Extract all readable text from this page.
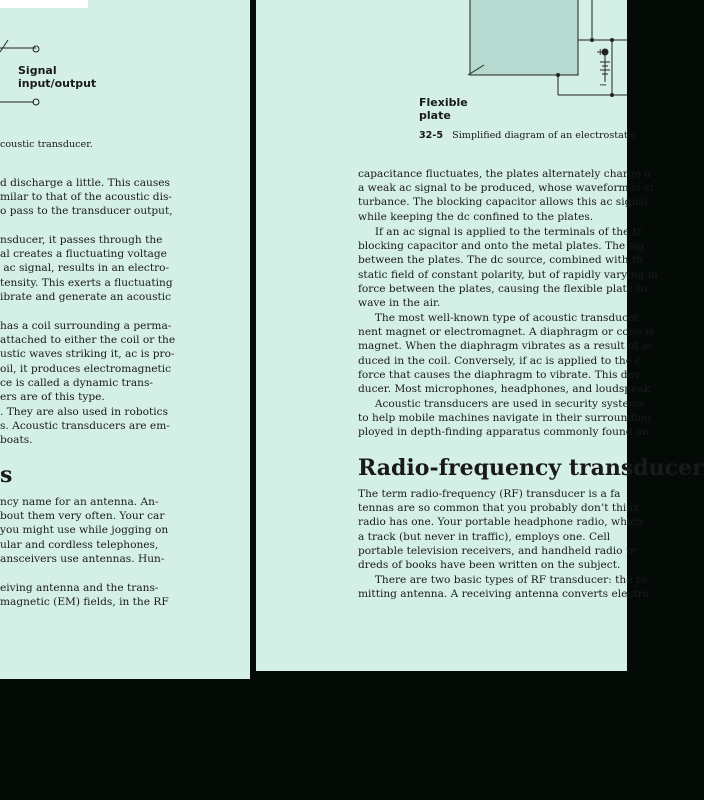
Signal
input/output
coustic transducer.
d discharge a little. This causes
milar to that of the acoustic dis-
o pass to the transducer output,
nsducer, it passes through the
al creates a fluctuating voltage
ac signal, results in an electro-
tensity. This exerts a fluctuating
ibrate and generate an acoustic
has a coil surrounding a perma-
attached to either the coil or the
ustic waves striking it, ac is pro-
oil, it produces electromagnetic
ce is called a dynamic trans-
ers are of this type.
. They are also used in robotics
s. Acoustic transducers are em-
boats.
s
ncy name for an antenna. An-
bout them very often. Your car
you might use while jogging on
ular and cordless telephones,
ansceivers use antennas. Hun-
eiving antenna and the trans-
magnetic (EM) fields, in the RF
+
−
Flexible
plate
32-5 Simplified diagram of an electrostatic
capacitance fluctuates, the plates alternately charge a
a weak ac signal to be produced, whose waveform is si
turbance. The blocking capacitor allows this ac signal
while keeping the dc confined to the plates.
If an ac signal is applied to the terminals of the tr
blocking capacitor and onto the metal plates. The sig
between the plates. The dc source, combined with th
static field of constant polarity, but of rapidly varying in
force between the plates, causing the flexible plate to
wave in the air.
The most well-known type of acoustic transducer
nent magnet or electromagnet. A diaphragm or cone is
magnet. When the diaphragm vibrates as a result of ac
duced in the coil. Conversely, if ac is applied to the c
force that causes the diaphragm to vibrate. This dev
ducer. Most microphones, headphones, and loudspeak
Acoustic transducers are used in security systems
to help mobile machines navigate in their surrounding
ployed in depth-finding apparatus commonly found on
Radio-frequency transducer
The term radio-frequency (RF) transducer is a fa
tennas are so common that you probably don’t think
radio has one. Your portable headphone radio, which
a track (but never in traffic), employs one. Cell
portable television receivers, and handheld radio tr
dreds of books have been written on the subject.
There are two basic types of RF transducer: the re
mitting antenna. A receiving antenna converts electro
